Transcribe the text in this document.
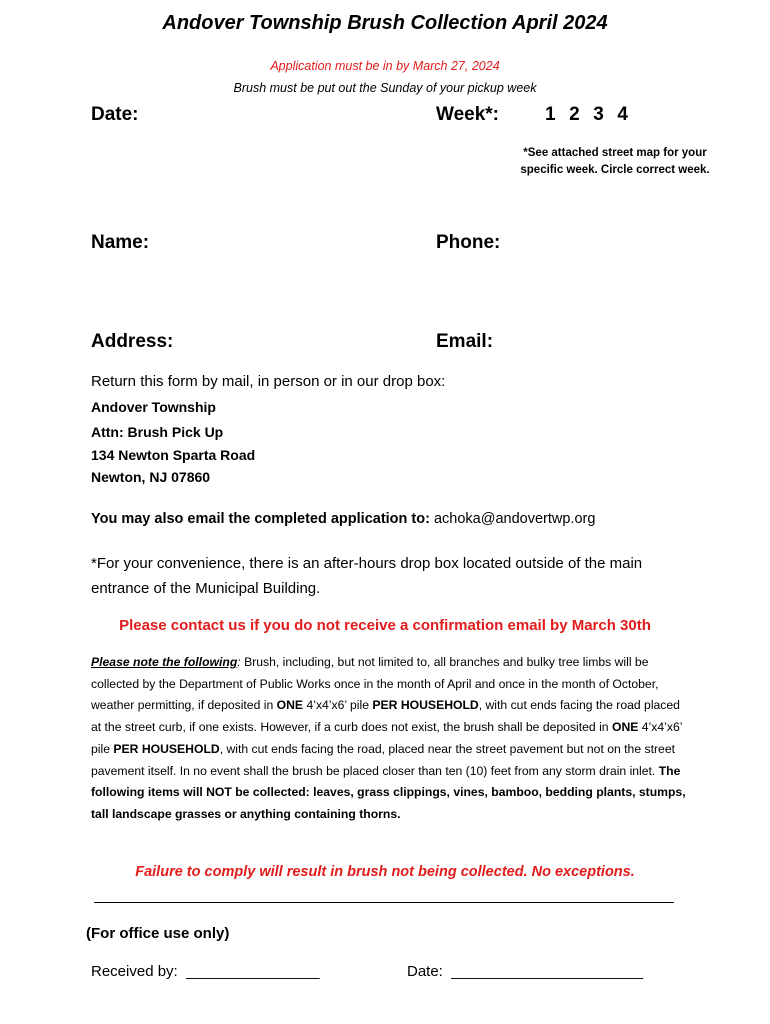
Andover Township Brush Collection April 2024
Application must be in by March 27, 2024
Brush must be put out the Sunday of your pickup week
Date:	Week*: 1 2 3 4
*See attached street map for your specific week. Circle correct week.
Name:	Phone:
Address:	Email:
Return this form by mail, in person or in our drop box:
Andover Township
Attn: Brush Pick Up
134 Newton Sparta Road
Newton, NJ 07860
You may also email the completed application to: achoka@andovertwp.org
*For your convenience, there is an after-hours drop box located outside of the main entrance of the Municipal Building.
Please contact us if you do not receive a confirmation email by March 30th
Please note the following: Brush, including, but not limited to, all branches and bulky tree limbs will be collected by the Department of Public Works once in the month of April and once in the month of October, weather permitting, if deposited in ONE 4’x4’x6’ pile PER HOUSEHOLD, with cut ends facing the road placed at the street curb, if one exists. However, if a curb does not exist, the brush shall be deposited in ONE 4’x4’x6’ pile PER HOUSEHOLD, with cut ends facing the road, placed near the street pavement but not on the street pavement itself. In no event shall the brush be placed closer than ten (10) feet from any storm drain inlet. The following items will NOT be collected: leaves, grass clippings, vines, bamboo, bedding plants, stumps, tall landscape grasses or anything containing thorns.
Failure to comply will result in brush not being collected. No exceptions.
(For office use only)
Received by: ________________	Date: _______________________
